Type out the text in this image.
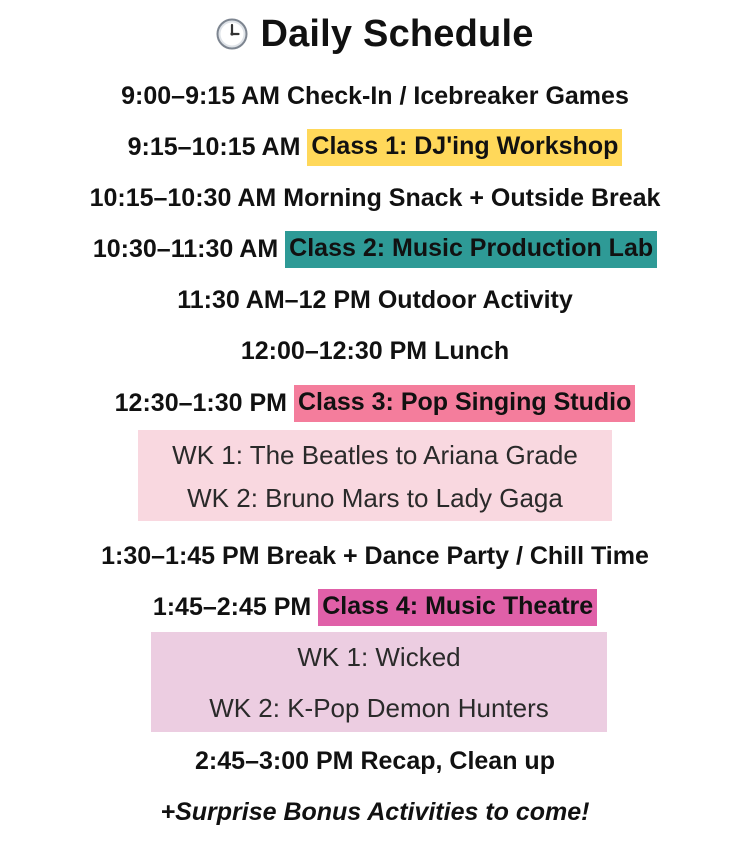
Daily Schedule
9:00–9:15 AM Check-In / Icebreaker Games
9:15–10:15 AM Class 1: DJ'ing Workshop
10:15–10:30 AM Morning Snack + Outside Break
10:30–11:30 AM Class 2: Music Production Lab
11:30 AM–12 PM Outdoor Activity
12:00–12:30 PM Lunch
12:30–1:30 PM Class 3: Pop Singing Studio
WK 1: The Beatles to Ariana Grade
WK 2: Bruno Mars to Lady Gaga
1:30–1:45 PM Break + Dance Party / Chill Time
1:45–2:45 PM Class 4: Music Theatre
WK 1: Wicked
WK 2: K-Pop Demon Hunters
2:45–3:00 PM Recap, Clean up
+Surprise Bonus Activities to come!
